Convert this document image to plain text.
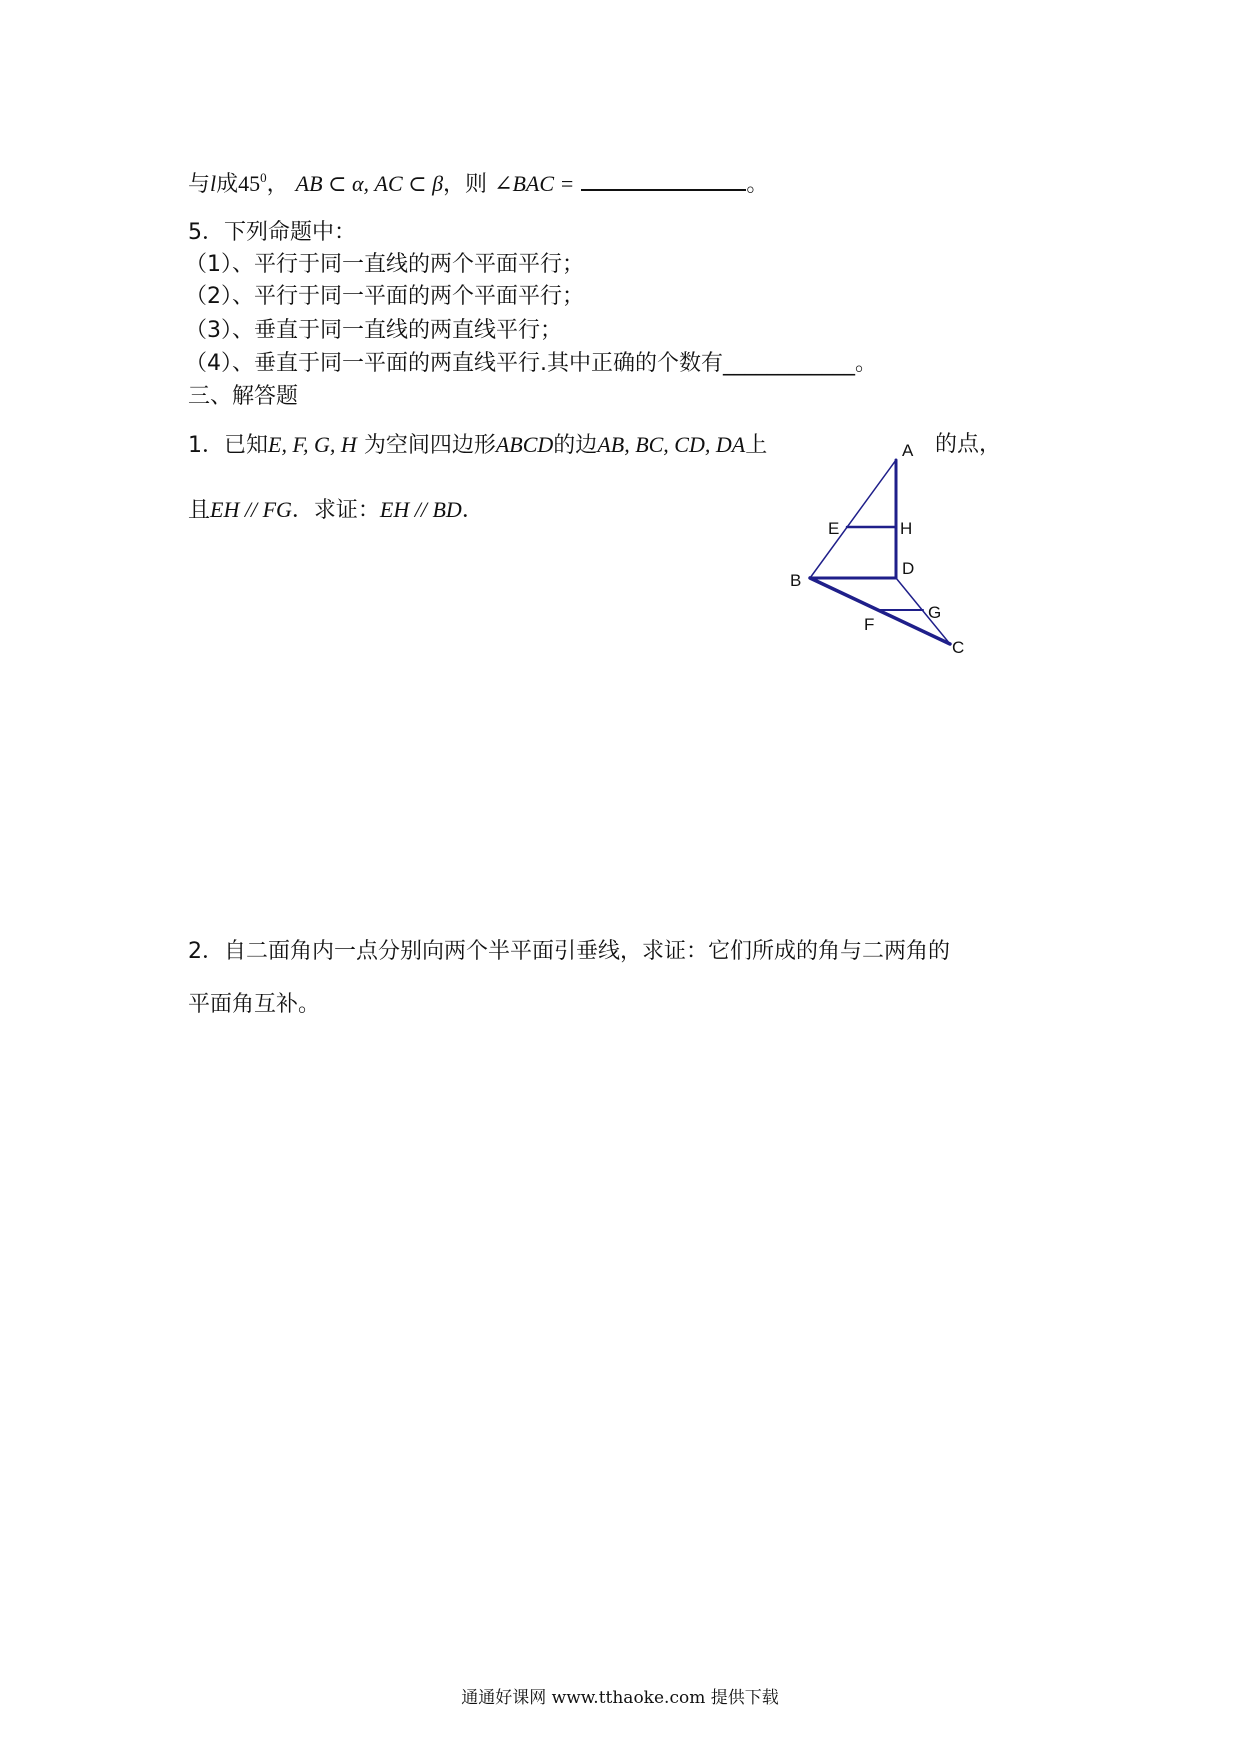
与l成$45^0$， AB ⊂ α, AC ⊂ β，则 ∠BAC =	。
5．下列命题中：
（1）、平行于同一直线的两个平面平行；
（2）、平行于同一平面的两个平面平行；
（3）、垂直于同一直线的两直线平行；
（4）、垂直于同一平面的两直线平行.其中正确的个数有____________。
三、解答题
1．已知E, F, G, H 为空间四边形ABCD的边AB, BC, CD, DA上	的点，
且EH // FG．求证：EH // BD．
A
E	H
B
D
F
G
C
2．自二面角内一点分别向两个半平面引垂线，求证：它们所成的角与二两角的
平面角互补。
通通好课网 www.tthaoke.com 提供下载
